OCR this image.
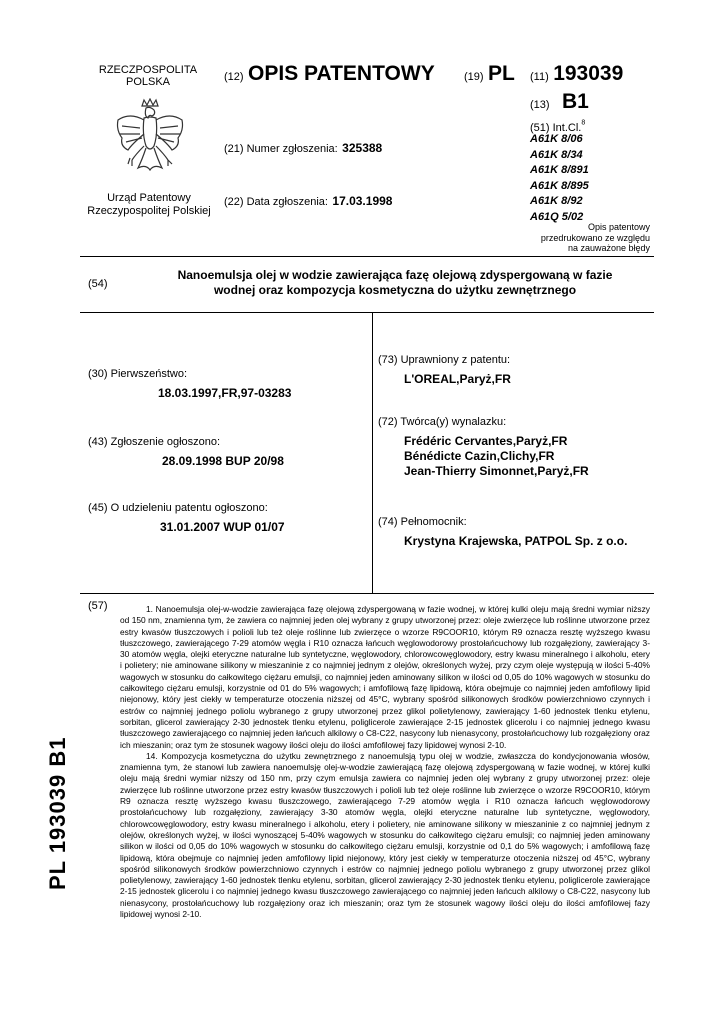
RZECZPOSPOLITA
POLSKA
Urząd Patentowy
Rzeczypospolitej Polskiej
(12) OPIS PATENTOWY
(21) Numer zgłoszenia: 325388
(22) Data zgłoszenia: 17.03.1998
(19) PL (11) 193039
(13) B1
(51) Int.Cl.$^8$
A61K 8/06
A61K 8/34
A61K 8/891
A61K 8/895
A61K 8/92
A61Q 5/02
Opis patentowy
przedrukowano ze względu
na zauważone błędy
(54)
Nanoemulsja olej w wodzie zawierająca fazę olejową zdyspergowaną w fazie
wodnej oraz kompozycja kosmetyczna do użytku zewnętrznego
(30) Pierwszeństwo:
18.03.1997,FR,97-03283
(43) Zgłoszenie ogłoszono:
28.09.1998 BUP 20/98
(45) O udzieleniu patentu ogłoszono:
31.01.2007 WUP 01/07
(73) Uprawniony z patentu:
L'OREAL,Paryż,FR
(72) Twórca(y) wynalazku:
Frédéric Cervantes,Paryż,FR
Bénédicte Cazin,Clichy,FR
Jean-Thierry Simonnet,Paryż,FR
(74) Pełnomocnik:
Krystyna Krajewska, PATPOL Sp. z o.o.
(57)	1. Nanoemulsja olej-w-wodzie zawierająca fazę olejową zdyspergowaną w fazie wodnej, w której kulki oleju mają średni wymiar niższy od 150 nm, znamienna tym, że zawiera co najmniej jeden olej wybrany z grupy utworzonej przez: oleje zwierzęce lub roślinne utworzone przez estry kwasów tłuszczowych i polioli lub też oleje roślinne lub zwierzęce o wzorze R9COOR10, którym R9 oznacza resztę wyższego kwasu tłuszczowego, zawierającego 7-29 atomów węgla i R10 oznacza łańcuch węglowodorowy prostołańcuchowy lub rozgałęziony, zawierający 3-30 atomów węgla, olejki eteryczne naturalne lub syntetyczne, węglowodory, chlorowcowęglowodory, estry kwasu mineralnego i alkoholu, etery i polietery; nie aminowane silikony w mieszaninie z co najmniej jednym z olejów, określonych wyżej, przy czym oleje występują w ilości 5-40% wagowych w stosunku do całkowitego ciężaru emulsji, co najmniej jeden aminowany silikon w ilości od 0,05 do 10% wagowych w stosunku do całkowitego ciężaru emulsji, korzystnie od 01 do 5% wagowych; i amfofilową fazę lipidową, która obejmuje co najmniej jeden amfofilowy lipid niejonowy, który jest ciekły w temperaturze otoczenia niższej od 45°C, wybrany spośród silikonowych środków powierzchniowo czynnych i estrów co najmniej jednego poliolu wybranego z grupy utworzonej przez glikol polietylenowy, zawierający 1-60 jednostek tlenku etylenu, sorbitan, glicerol zawierający 2-30 jednostek tlenku etylenu, poliglicerole zawierające 2-15 jednostek glicerolu i co najmniej jednego kwasu tłuszczowego zawierającego co najmniej jeden łańcuch alkilowy o C8-C22, nasycony lub nienasycony, prostołańcuchowy lub rozgałęziony oraz ich mieszanin; oraz tym że stosunek wagowy ilości oleju do ilości amfofilowej fazy lipidowej wynosi 2-10.

14. Kompozycja kosmetyczna do użytku zewnętrznego z nanoemulsją typu olej w wodzie, zwłaszcza do kondycjonowania włosów, znamienna tym, że stanowi lub zawiera nanoemulsję olej-w-wodzie zawierającą fazę olejową zdyspergowaną w fazie wodnej, w której kulki oleju mają średni wymiar niższy od 150 nm, przy czym emulsja zawiera co najmniej jeden olej wybrany z grupy utworzonej przez: oleje zwierzęce lub roślinne utworzone przez estry kwasów tłuszczowych i polioli lub też oleje roślinne lub zwierzęce o wzorze R9COOR10, którym R9 oznacza resztę wyższego kwasu tłuszczowego, zawierającego 7-29 atomów węgla i R10 oznacza łańcuch węglowodorowy prostołańcuchowy lub rozgałęziony, zawierający 3-30 atomów węgla, olejki eteryczne naturalne lub syntetyczne, węglowodory, chlorowcowęglowodory, estry kwasu mineralnego i alkoholu, etery i polietery, nie aminowane silikony w mieszaninie z co najmniej jednym z olejów, określonych wyżej, w ilości wynoszącej 5-40% wagowych w stosunku do całkowitego ciężaru emulsji; co najmniej jeden aminowany silikon w ilości od 0,05 do 10% wagowych w stosunku do całkowitego ciężaru emulsji, korzystnie od 0,1 do 5% wagowych; i amfofilową fazę lipidową, która obejmuje co najmniej jeden amfofilowy lipid niejonowy, który jest ciekły w temperaturze otoczenia niższej od 45°C, wybrany spośród silikonowych środków powierzchniowo czynnych i estrów co najmniej jednego poliolu wybranego z grupy utworzonej przez glikol polietylenowy, zawierający 1-60 jednostek tlenku etylenu, sorbitan, glicerol zawierający 2-30 jednostek tlenku etylenu, poliglicerole zawierające 2-15 jednostek glicerolu i co najmniej jednego kwasu tłuszczowego zawierającego co najmniej jeden łańcuch alkilowy o C8-C22, nasycony lub nienasycony, prostołańcuchowy lub rozgałęziony oraz ich mieszanin; oraz tym że stosunek wagowy ilości oleju do ilości amfofilowej fazy lipidowej wynosi 2-10.

PL 193039 B1
